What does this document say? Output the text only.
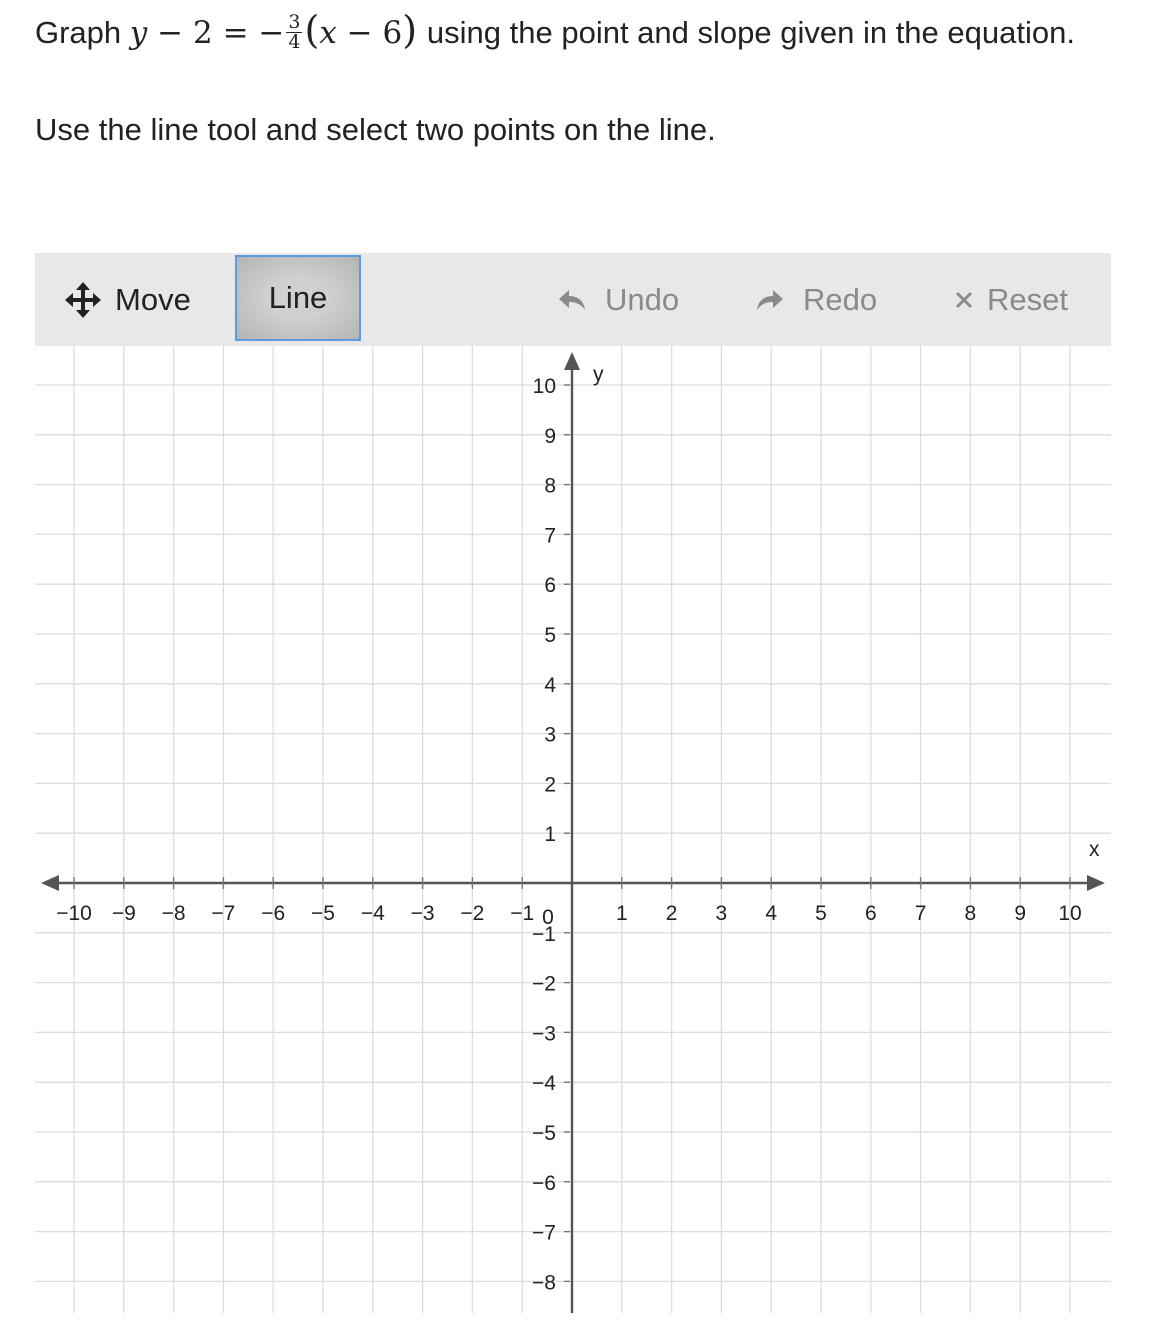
Graph y − 2 = − $\frac{3}{4} (x - 6)$ using the point and slope given in the equation.
Use the line tool and select two points on the line.
Move	Line	Undo	Redo	Reset
x
y
−10 −9 −8 −7 −6 −5 −4 −3 −2 −1	1 2 3 4 5 6 7 8 9 10
10
9
8
7
6
5
4
3
2
1
−1
−2
−3
−4
−5
−6
−7
−8
0
